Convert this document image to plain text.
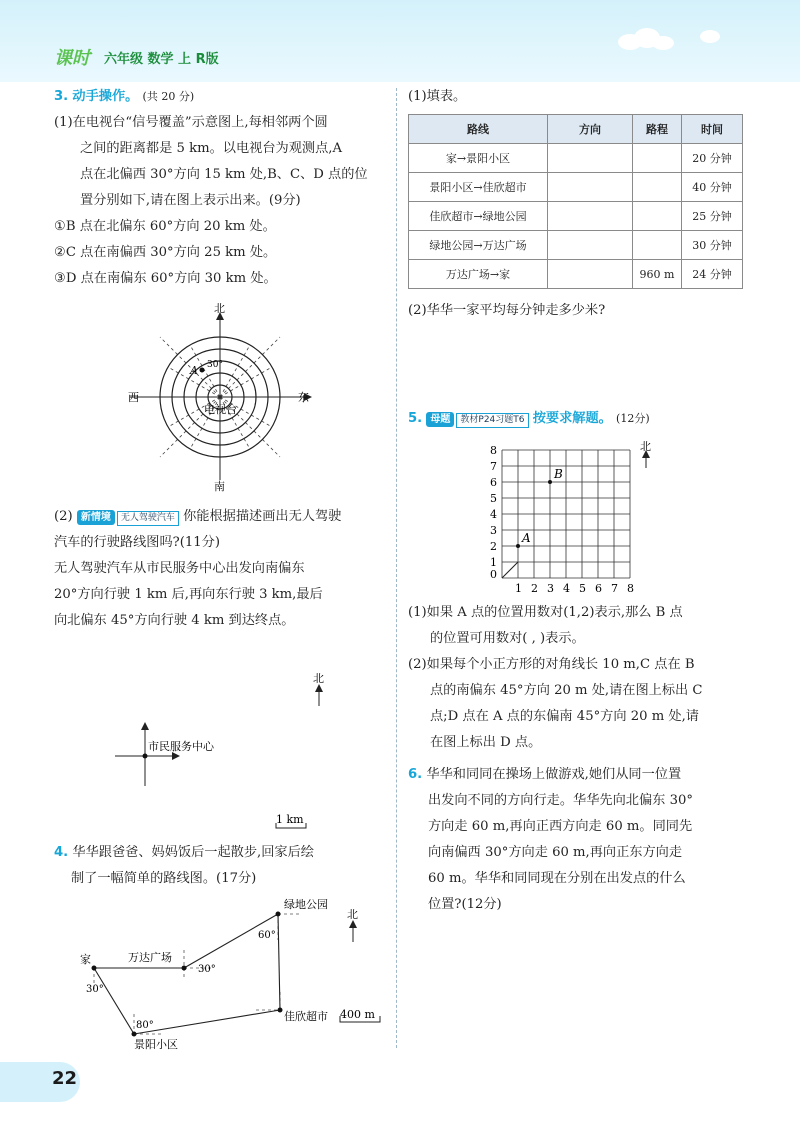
课时 六年级 数学 上 R版
3. 动手操作。 (共 20 分)
(1)在电视台“信号覆盖”示意图上,每相邻两个圆
之间的距离都是 5 km。以电视台为观测点,A
点在北偏西 30°方向 15 km 处,B、C、D 点的位
置分别如下,请在图上表示出来。(9分)
①B 点在北偏东 60°方向 20 km 处。
②C 点在南偏西 30°方向 25 km 处。
③D 点在南偏东 60°方向 30 km 处。
北
南
东
西
电视台
A 30°
(2) 新情境 无人驾驶汽车 你能根据描述画出无人驾驶
汽车的行驶路线图吗?(11分)
无人驾驶汽车从市民服务中心出发向南偏东
20°方向行驶 1 km 后,再向东行驶 3 km,最后
向北偏东 45°方向行驶 4 km 到达终点。
北
市民服务中心
1 km
4. 华华跟爸爸、妈妈饭后一起散步,回家后绘
制了一幅简单的路线图。(17分)
家	万达广场
绿地公园
佳欣超市
景阳小区
30°
30°
60°
80°
北
400 m
(1)填表。
路线	方向	路程	时间
家→景阳小区			20 分钟
景阳小区→佳欣超市			40 分钟
佳欣超市→绿地公园			25 分钟
绿地公园→万达广场			30 分钟
万达广场→家		960 m	24 分钟
(2)华华一家平均每分钟走多少米?
5. 母题 教材P24习题T6 按要求解题。 (12分)
0
1 2 3 4 5 6 7 8
1
2
3
4
5
6
7
8
A
B
北
(1)如果 A 点的位置用数对(1,2)表示,那么 B 点
的位置可用数对( , )表示。
(2)如果每个小正方形的对角线长 10 m,C 点在 B
点的南偏东 45°方向 20 m 处,请在图上标出 C
点;D 点在 A 点的东偏南 45°方向 20 m 处,请
在图上标出 D 点。
6. 华华和同同在操场上做游戏,她们从同一位置
出发向不同的方向行走。华华先向北偏东 30°
方向走 60 m,再向正西方向走 60 m。同同先
向南偏西 30°方向走 60 m,再向正东方向走
60 m。华华和同同现在分别在出发点的什么
位置?(12分)
22
